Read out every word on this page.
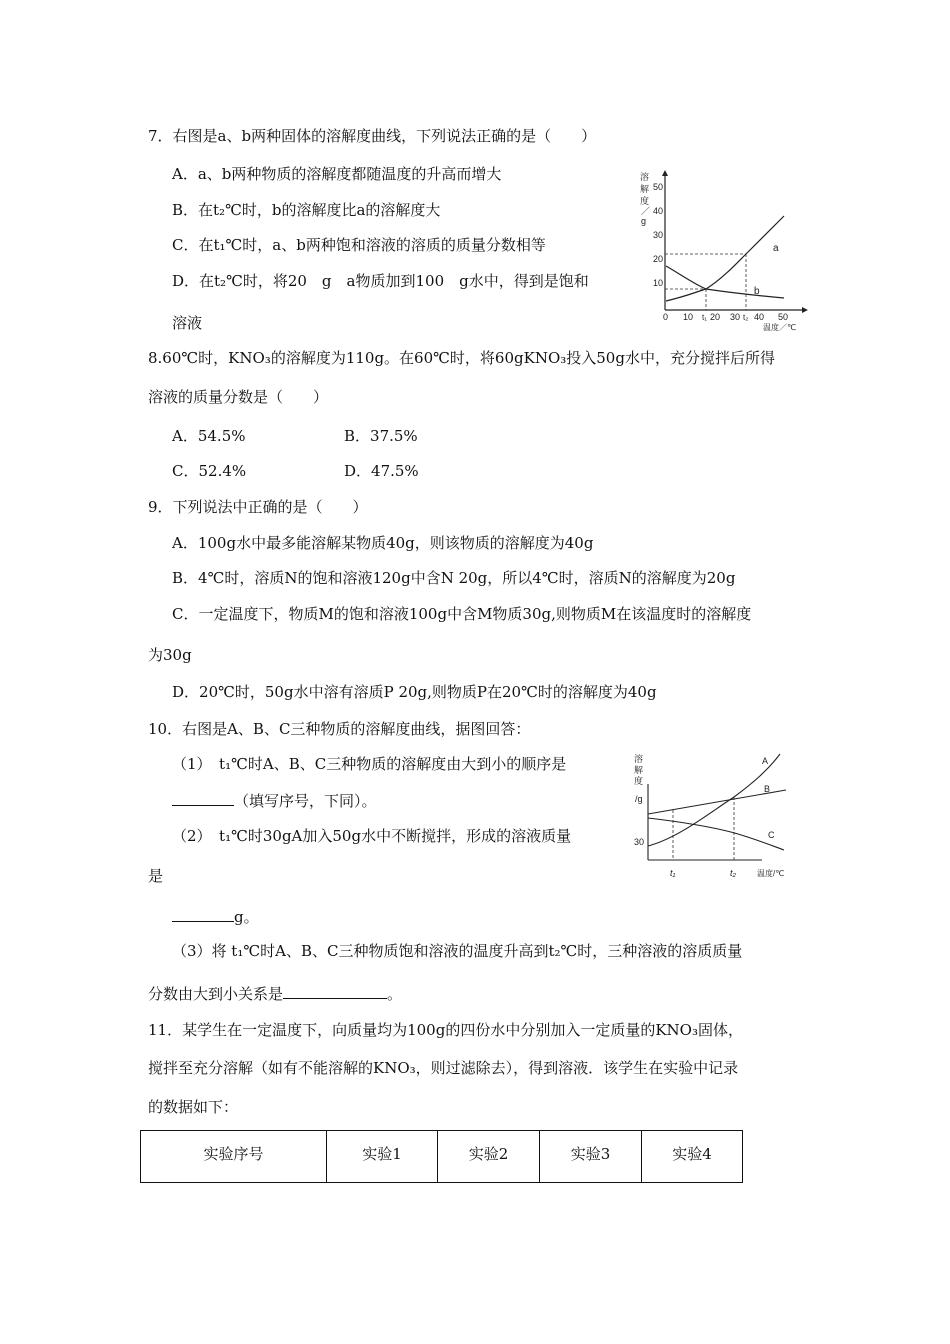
7．右图是a、b两种固体的溶解度曲线，下列说法正确的是（　　）
A．a、b两种物质的溶解度都随温度的升高而增大
B．在t₂℃时，b的溶解度比a的溶解度大
C．在t₁℃时，a、b两种饱和溶液的溶质的质量分数相等
D．在t₂℃时，将20　g　a物质加到100　g水中，得到是饱和
溶液
溶
解
度
／
g
50
40
30
20
10
0 10 t₁ 20 30 t₂ 40 50
温度／℃
a
b
8.60℃时，KNO₃的溶解度为110g。在60℃时，将60gKNO₃投入50g水中，充分搅拌后所得
溶液的质量分数是（　　）
A．54.5%	B．37.5%
C．52.4%	D．47.5%
9．下列说法中正确的是（　　）
A．100g水中最多能溶解某物质40g，则该物质的溶解度为40g
B．4℃时，溶质N的饱和溶液120g中含N 20g，所以4℃时，溶质N的溶解度为20g
C．一定温度下，物质M的饱和溶液100g中含M物质30g,则物质M在该温度时的溶解度
为30g
D．20℃时，50g水中溶有溶质P 20g,则物质P在20℃时的溶解度为40g
10．右图是A、B、C三种物质的溶解度曲线，据图回答：
（1）　t₁℃时A、B、C三种物质的溶解度由大到小的顺序是
（填写序号，下同）。
（2）　t₁℃时30gA加入50g水中不断搅拌，形成的溶液质量
是
g。
（3）将 t₁℃时A、B、C三种物质饱和溶液的温度升高到t₂℃时，三种溶液的溶质质量
分数由大到小关系是	。
溶
解
度
/g
30
t₁	t₂	温度/℃
A
B
C
11．某学生在一定温度下，向质量均为100g的四份水中分别加入一定质量的KNO₃固体，
搅拌至充分溶解（如有不能溶解的KNO₃，则过滤除去），得到溶液．该学生在实验中记录
的数据如下：
实验序号	实验1	实验2	实验3	实验4
